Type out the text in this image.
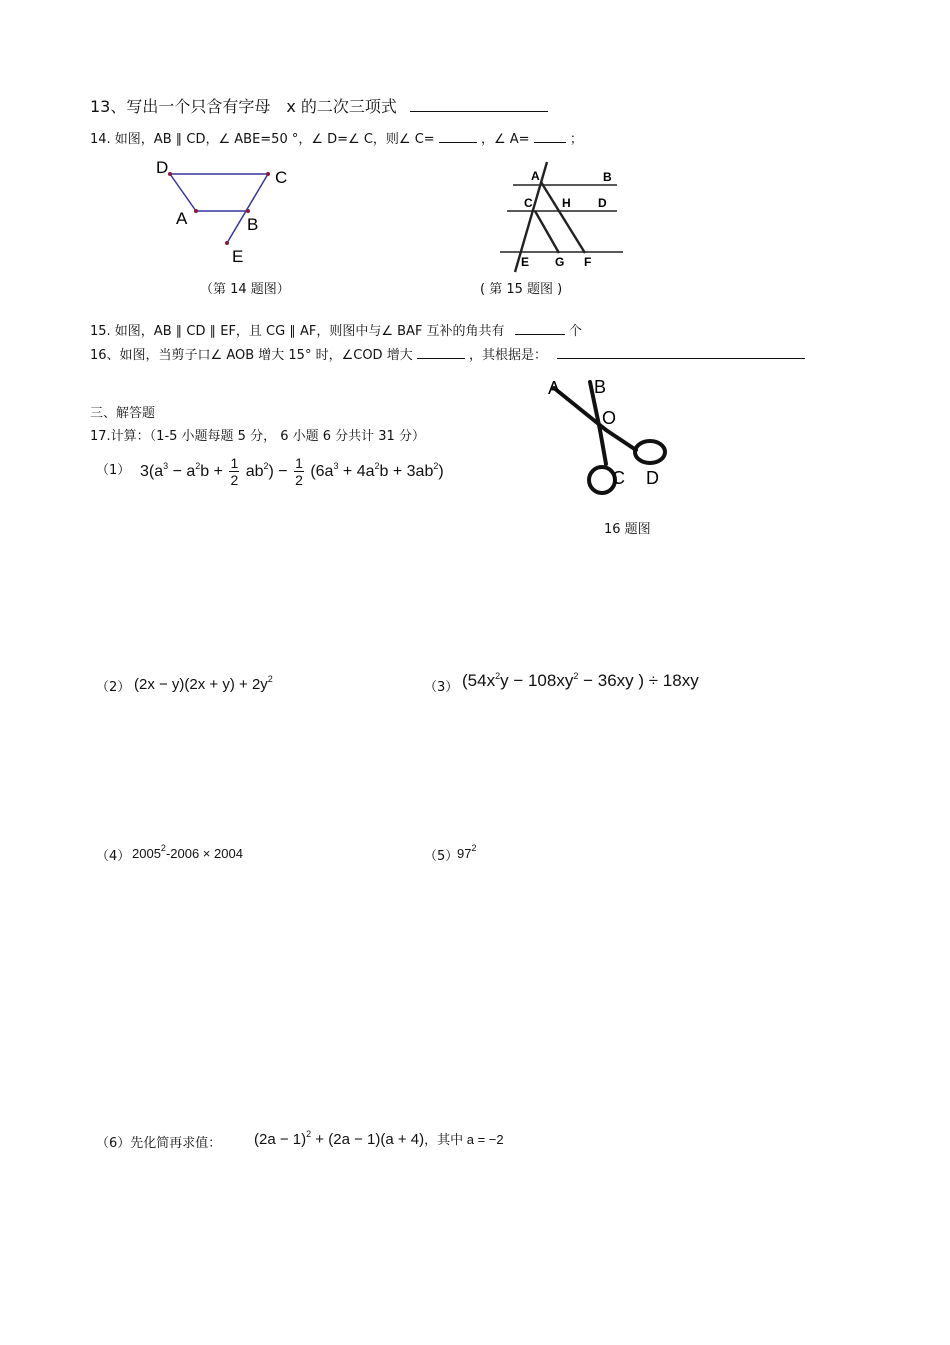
13、写出一个只含有字母　x 的二次三项式
14. 如图，AB ∥ CD，∠ ABE=50 °，∠ D=∠ C，则∠ C=	，∠ A=	；
D
C
A	B
E
（第 14 题图）
A	B
C H D
E G F
( 第 15 题图 )
15. 如图，AB ∥ CD ∥ EF，且 CG ∥ AF，则图中与∠ BAF 互补的角共有	个
16、如图，当剪子口∠ AOB 增大 15° 时，∠COD 增大	，其根据是：
A B
O
C D
16 题图
三、解答题
17.计算：（1-5 小题每题 5 分， 6 小题 6 分共计 31 分）
（1） $3(a^3 - a^2b + \frac{1}{2} ab^2) - \frac{1}{2} (6a^3 + 4a^2b + 3ab^2)$
（2） $(2x - y)(2x + y) + 2y^2$
（3） ($54x^2y - 108xy^2 - 36xy$ ) ÷ 18xy
（4） $2005^2-2006 \times 2004$	（5）
$97^2$
（6）先化简再求值： $(2a - 1)^2 + (2a - 1)(a + 4)$，其中 a = −2
